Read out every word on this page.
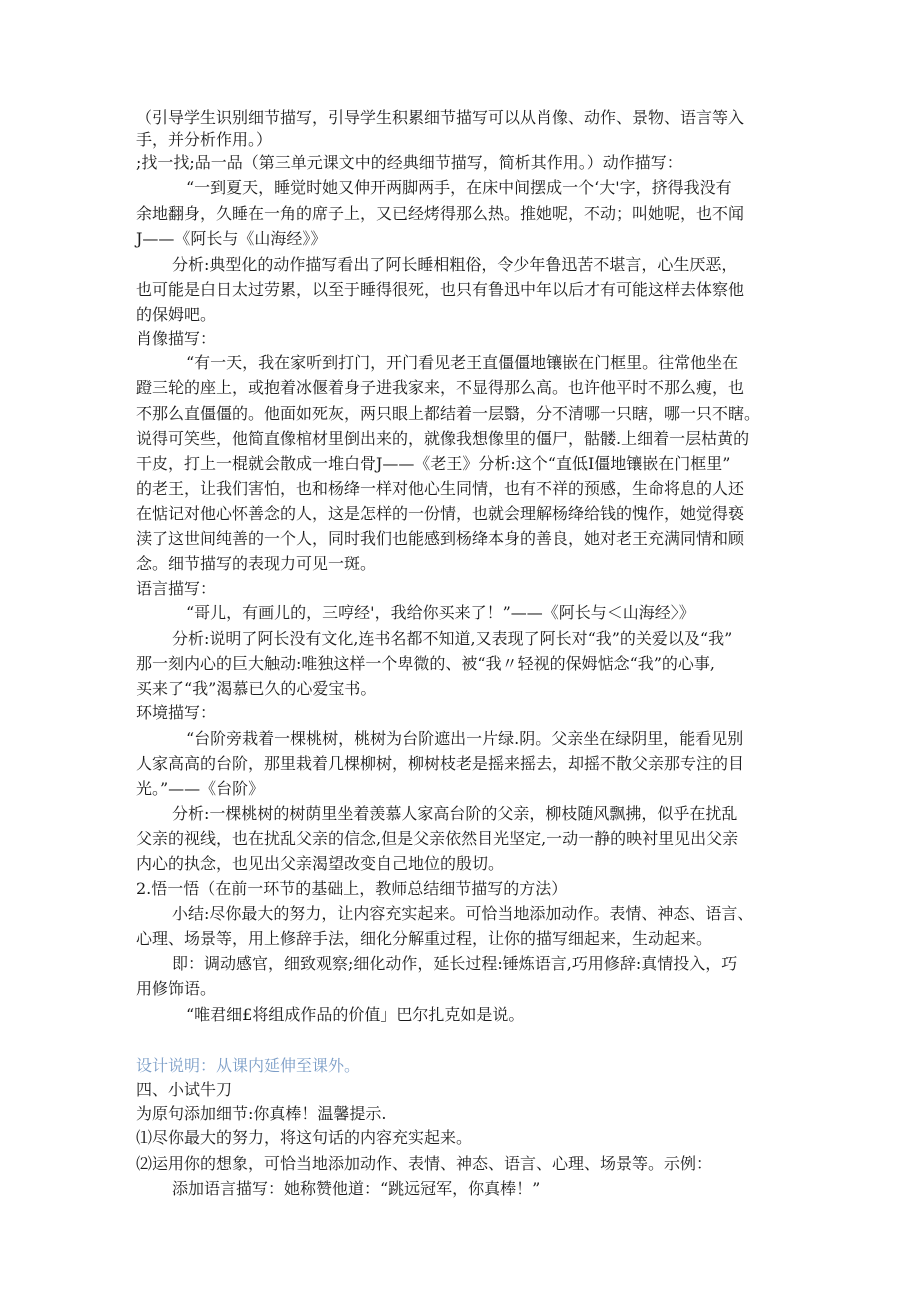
（引导学生识别细节描写，引导学生积累细节描写可以从肖像、动作、景物、语言等入
手，并分析作用。）
;找一找;品一品（第三单元课文中的经典细节描写，简析其作用。）动作描写：
“一到夏天，睡觉时她又伸开两脚两手，在床中间摆成一个‘大'字，挤得我没有
余地翻身，久睡在一角的席子上，又已经烤得那么热。推她呢，不动；叫她呢，也不闻
J——《阿长与《山海经》》
分析:典型化的动作描写看出了阿长睡相粗俗，令少年鲁迅苦不堪言，心生厌恶，
也可能是白日太过劳累，以至于睡得很死，也只有鲁迅中年以后才有可能这样去体察他
的保姆吧。
肖像描写：
“有一天，我在家听到打门，开门看见老王直僵僵地镶嵌在门框里。往常他坐在
蹬三轮的座上，或抱着冰偃着身子进我家来，不显得那么高。也许他平时不那么瘦，也
不那么直僵僵的。他面如死灰，两只眼上都结着一层翳，分不清哪一只瞎，哪一只不瞎。
说得可笑些，他简直像棺材里倒出来的，就像我想像里的僵尸，骷髅.上细着一层枯黄的
干皮，打上一棍就会散成一堆白骨J——《老王》分析:这个“直低I僵地镶嵌在门框里”
的老王，让我们害怕，也和杨绛一样对他心生同情，也有不祥的预感，生命将息的人还
在惦记对他心怀善念的人，这是怎样的一份情，也就会理解杨绛给钱的愧作，她觉得亵
渎了这世间纯善的一个人，同时我们也能感到杨绛本身的善良，她对老王充满同情和顾
念。细节描写的表现力可见一斑。
语言描写：
“哥儿，有画儿的，三哼经'，我给你买来了！”——《阿长与＜山海经〉》
分析:说明了阿长没有文化,连书名都不知道,又表现了阿长对“我”的关爱以及“我”
那一刻内心的巨大触动:唯独这样一个卑微的、被“我〃轻视的保姆惦念“我”的心事,
买来了“我”渴慕已久的心爱宝书。
环境描写：
“台阶旁栽着一棵桃树，桃树为台阶遮出一片绿.阴。父亲坐在绿阴里，能看见别
人家高高的台阶，那里栽着几棵柳树，柳树枝老是摇来摇去，却摇不散父亲那专注的目
光。”——《台阶》
分析:一棵桃树的树荫里坐着羡慕人家高台阶的父亲，柳枝随风飘拂，似乎在扰乱
父亲的视线，也在扰乱父亲的信念,但是父亲依然目光坚定,一动一静的映衬里见出父亲
内心的执念，也见出父亲渴望改变自己地位的殷切。
2.悟一悟（在前一环节的基础上，教师总结细节描写的方法）
小结:尽你最大的努力，让内容充实起来。可恰当地添加动作。表情、神态、语言、
心理、场景等，用上修辞手法，细化分解重过程，让你的描写细起来，生动起来。
即：调动感官，细致观察;细化动作，延长过程:锤炼语言,巧用修辞:真情投入，巧
用修饰语。
“唯君细£将组成作品的价值」巴尔扎克如是说。
设计说明：从课内延伸至课外。
四、小试牛刀
为原句添加细节:你真棒！温馨提示.
⑴尽你最大的努力，将这句话的内容充实起来。
⑵运用你的想象，可恰当地添加动作、表情、神态、语言、心理、场景等。示例：
添加语言描写：她称赞他道：“跳远冠军，你真棒！”
